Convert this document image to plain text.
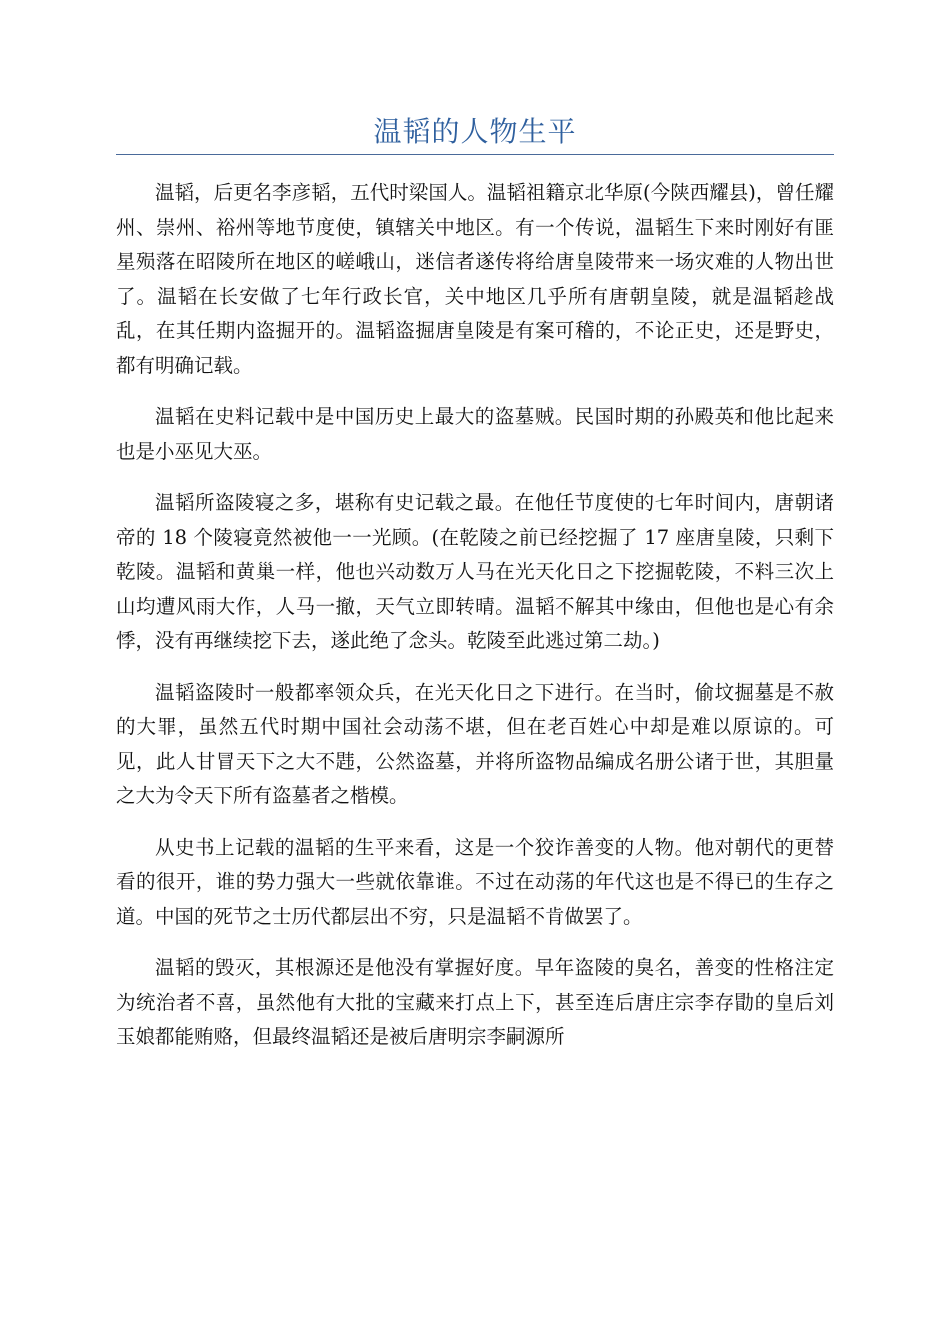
温韬的人物生平

温韬，后更名李彦韬，五代时梁国人。温韬祖籍京北华原(今陕西耀县)，曾任耀州、崇州、裕州等地节度使，镇辖关中地区。有一个传说，温韬生下来时刚好有匪星殒落在昭陵所在地区的嵯峨山，迷信者遂传将给唐皇陵带来一场灾难的人物出世了。温韬在长安做了七年行政长官，关中地区几乎所有唐朝皇陵，就是温韬趁战乱，在其任期内盗掘开的。温韬盗掘唐皇陵是有案可稽的，不论正史，还是野史，都有明确记载。

温韬在史料记载中是中国历史上最大的盗墓贼。民国时期的孙殿英和他比起来也是小巫见大巫。

温韬所盗陵寝之多，堪称有史记载之最。在他任节度使的七年时间内，唐朝诸帝的 18 个陵寝竟然被他一一光顾。(在乾陵之前已经挖掘了 17 座唐皇陵，只剩下乾陵。温韬和黄巢一样，他也兴动数万人马在光天化日之下挖掘乾陵，不料三次上山均遭风雨大作，人马一撤，天气立即转晴。温韬不解其中缘由，但他也是心有余悸，没有再继续挖下去，遂此绝了念头。乾陵至此逃过第二劫。)

温韬盗陵时一般都率领众兵，在光天化日之下进行。在当时，偷坟掘墓是不赦的大罪，虽然五代时期中国社会动荡不堪，但在老百姓心中却是难以原谅的。可见，此人甘冒天下之大不韪，公然盗墓，并将所盗物品编成名册公诸于世，其胆量之大为令天下所有盗墓者之楷模。

从史书上记载的温韬的生平来看，这是一个狡诈善变的人物。他对朝代的更替看的很开，谁的势力强大一些就依靠谁。不过在动荡的年代这也是不得已的生存之道。中国的死节之士历代都层出不穷，只是温韬不肯做罢了。

温韬的毁灭，其根源还是他没有掌握好度。早年盗陵的臭名，善变的性格注定为统治者不喜，虽然他有大批的宝藏来打点上下，甚至连后唐庄宗李存勖的皇后刘玉娘都能贿赂，但最终温韬还是被后唐明宗李嗣源所
